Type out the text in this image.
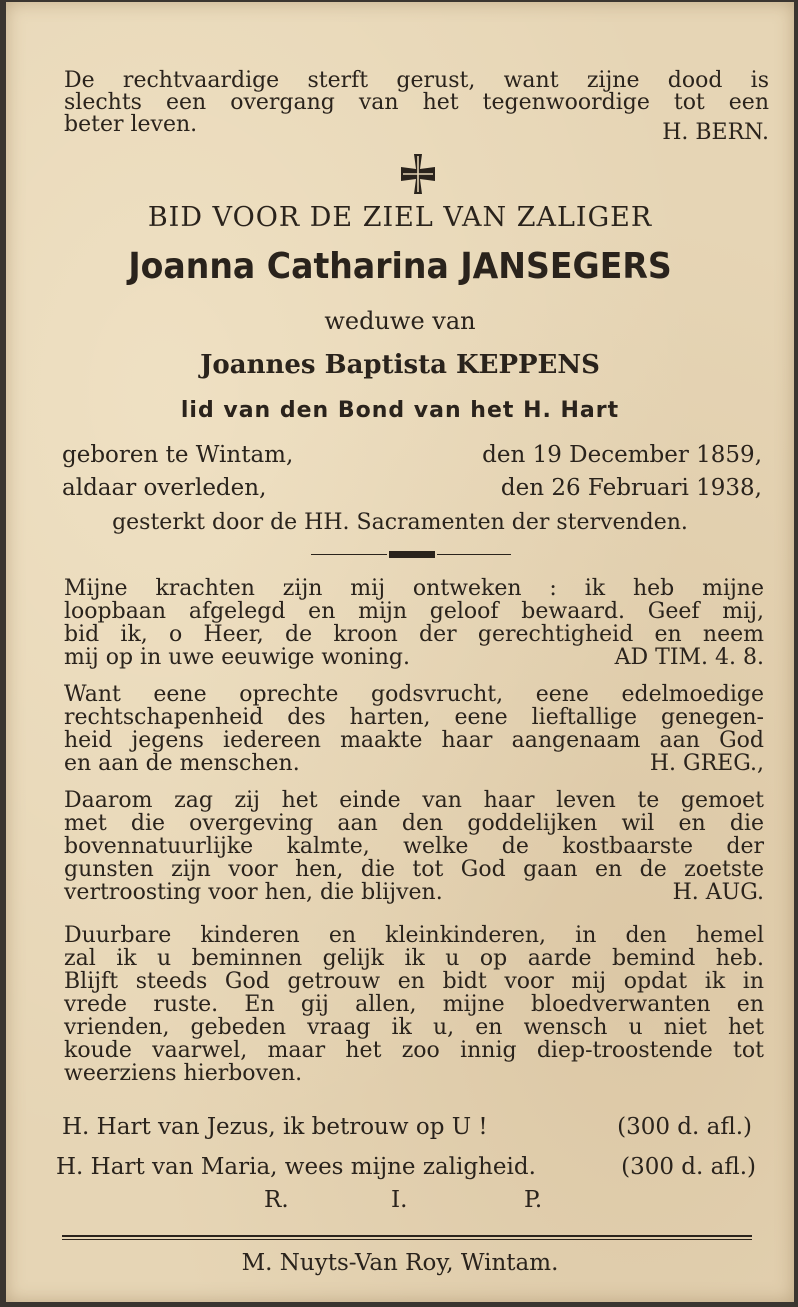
De rechtvaardige sterft gerust, want zijne dood is
slechts een overgang van het tegenwoordige tot een
beter leven.	H. BERN.
BID VOOR DE ZIEL VAN ZALIGER
Joanna Catharina JANSEGERS
weduwe van
Joannes Baptista KEPPENS
lid van den Bond van het H. Hart
geboren te Wintam,	den 19 December 1859,
aldaar overleden,	den 26 Februari 1938,
gesterkt door de HH. Sacramenten der stervenden.
Mijne krachten zijn mij ontweken : ik heb mijne
loopbaan afgelegd en mijn geloof bewaard. Geef mij,
bid ik, o Heer, de kroon der gerechtigheid en neem
mij op in uwe eeuwige woning.	AD TIM. 4. 8.
Want eene oprechte godsvrucht, eene edelmoedige
rechtschapenheid des harten, eene lieftallige genegen-
heid jegens iedereen maakte haar aangenaam aan God
en aan de menschen.	H. GREG.,
Daarom zag zij het einde van haar leven te gemoet
met die overgeving aan den goddelijken wil en die
bovennatuurlijke kalmte, welke de kostbaarste der
gunsten zijn voor hen, die tot God gaan en de zoetste
vertroosting voor hen, die blijven.	H. AUG.
Duurbare kinderen en kleinkinderen, in den hemel
zal ik u beminnen gelijk ik u op aarde bemind heb.
Blijft steeds God getrouw en bidt voor mij opdat ik in
vrede ruste. En gij allen, mijne bloedverwanten en
vrienden, gebeden vraag ik u, en wensch u niet het
koude vaarwel, maar het zoo innig diep-troostende tot
weerziens hierboven.
H. Hart van Jezus, ik betrouw op U !	(300 d. afl.)
H. Hart van Maria, wees mijne zaligheid.	(300 d. afl.)
R.	I.	P.
M. Nuyts-Van Roy, Wintam.
